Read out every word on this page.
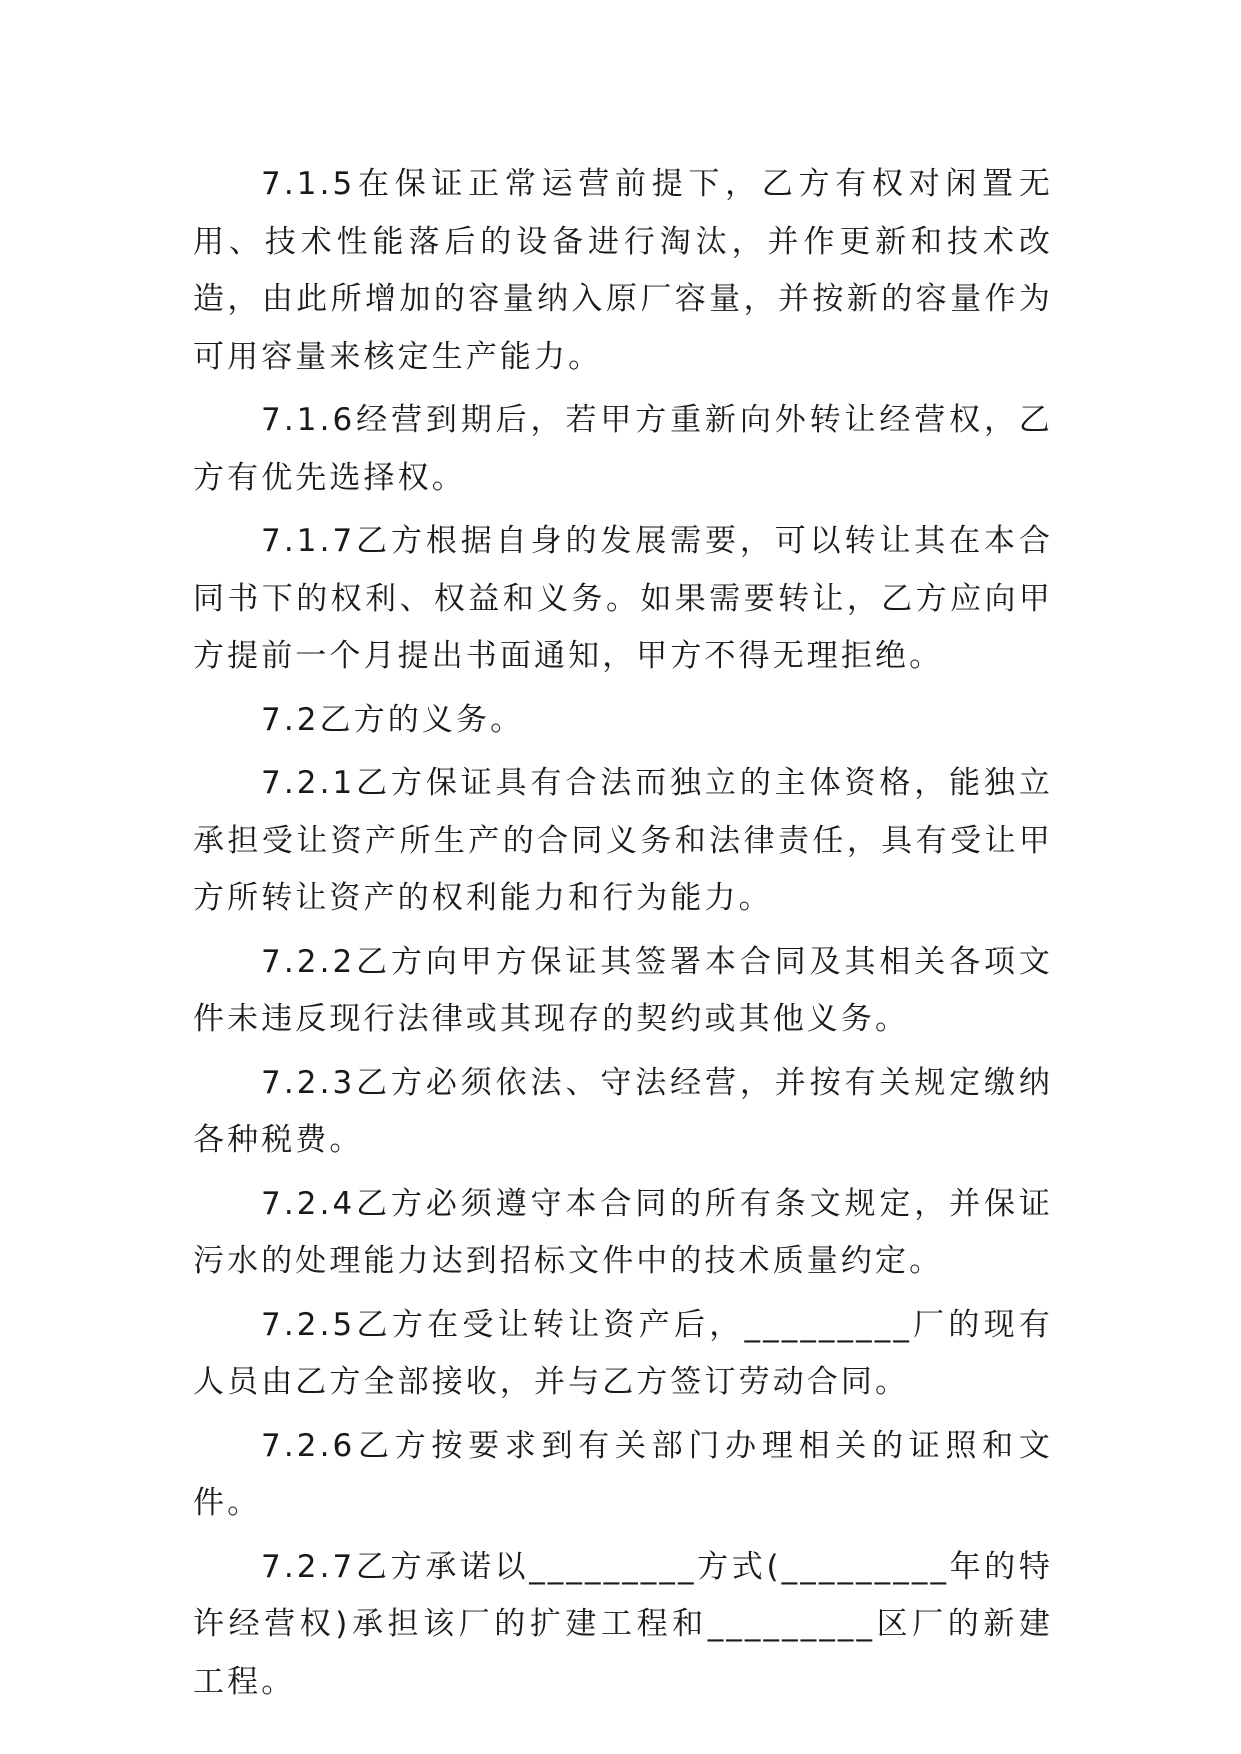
7.1.5在保证正常运营前提下，乙方有权对闲置无用、技术性能落后的设备进行淘汰，并作更新和技术改造，由此所增加的容量纳入原厂容量，并按新的容量作为可用容量来核定生产能力。

7.1.6经营到期后，若甲方重新向外转让经营权，乙方有优先选择权。

7.1.7乙方根据自身的发展需要，可以转让其在本合同书下的权利、权益和义务。如果需要转让，乙方应向甲方提前一个月提出书面通知，甲方不得无理拒绝。

7.2乙方的义务。

7.2.1乙方保证具有合法而独立的主体资格，能独立承担受让资产所生产的合同义务和法律责任，具有受让甲方所转让资产的权利能力和行为能力。

7.2.2乙方向甲方保证其签署本合同及其相关各项文件未违反现行法律或其现存的契约或其他义务。

7.2.3乙方必须依法、守法经营，并按有关规定缴纳各种税费。

7.2.4乙方必须遵守本合同的所有条文规定，并保证污水的处理能力达到招标文件中的技术质量约定。

7.2.5乙方在受让转让资产后，_________厂的现有人员由乙方全部接收，并与乙方签订劳动合同。

7.2.6乙方按要求到有关部门办理相关的证照和文件。

7.2.7乙方承诺以_________方式(_________年的特许经营权)承担该厂的扩建工程和_________区厂的新建工程。
